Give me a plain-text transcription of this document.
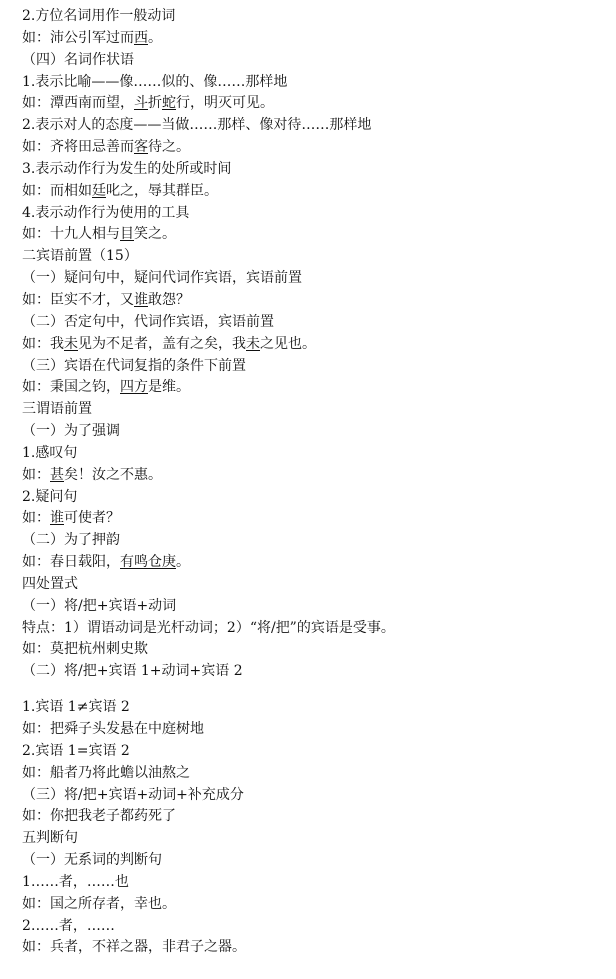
2.方位名词用作一般动词
如：沛公引军过而西。
（四）名词作状语
1.表示比喻——像……似的、像……那样地
如：潭西南而望，斗折蛇行，明灭可见。
2.表示对人的态度——当做……那样、像对待……那样地
如：齐将田忌善而客待之。
3.表示动作行为发生的处所或时间
如：而相如廷叱之，辱其群臣。
4.表示动作行为使用的工具
如：十九人相与目笑之。
二宾语前置（15）
（一）疑问句中，疑问代词作宾语，宾语前置
如：臣实不才，又谁敢怨？
（二）否定句中，代词作宾语，宾语前置
如：我未见为不足者，盖有之矣，我未之见也。
（三）宾语在代词复指的条件下前置
如：秉国之钧，四方是维。
三谓语前置
（一）为了强调
1.感叹句
如：甚矣！汝之不惠。
2.疑问句
如：谁可使者？
（二）为了押韵
如：春日载阳，有鸣仓庚。
四处置式
（一）将/把+宾语+动词
特点：1）谓语动词是光杆动词；2）“将/把”的宾语是受事。
如：莫把杭州刺史欺
（二）将/把+宾语 1+动词+宾语 2
1.宾语 1≠宾语 2
如：把舜子头发悬在中庭树地
2.宾语 1=宾语 2
如：船者乃将此蟾以油熬之
（三）将/把+宾语+动词+补充成分
如：你把我老子都药死了
五判断句
（一）无系词的判断句
1……者，……也
如：国之所存者，幸也。
2……者，……
如：兵者，不祥之器，非君子之器。
